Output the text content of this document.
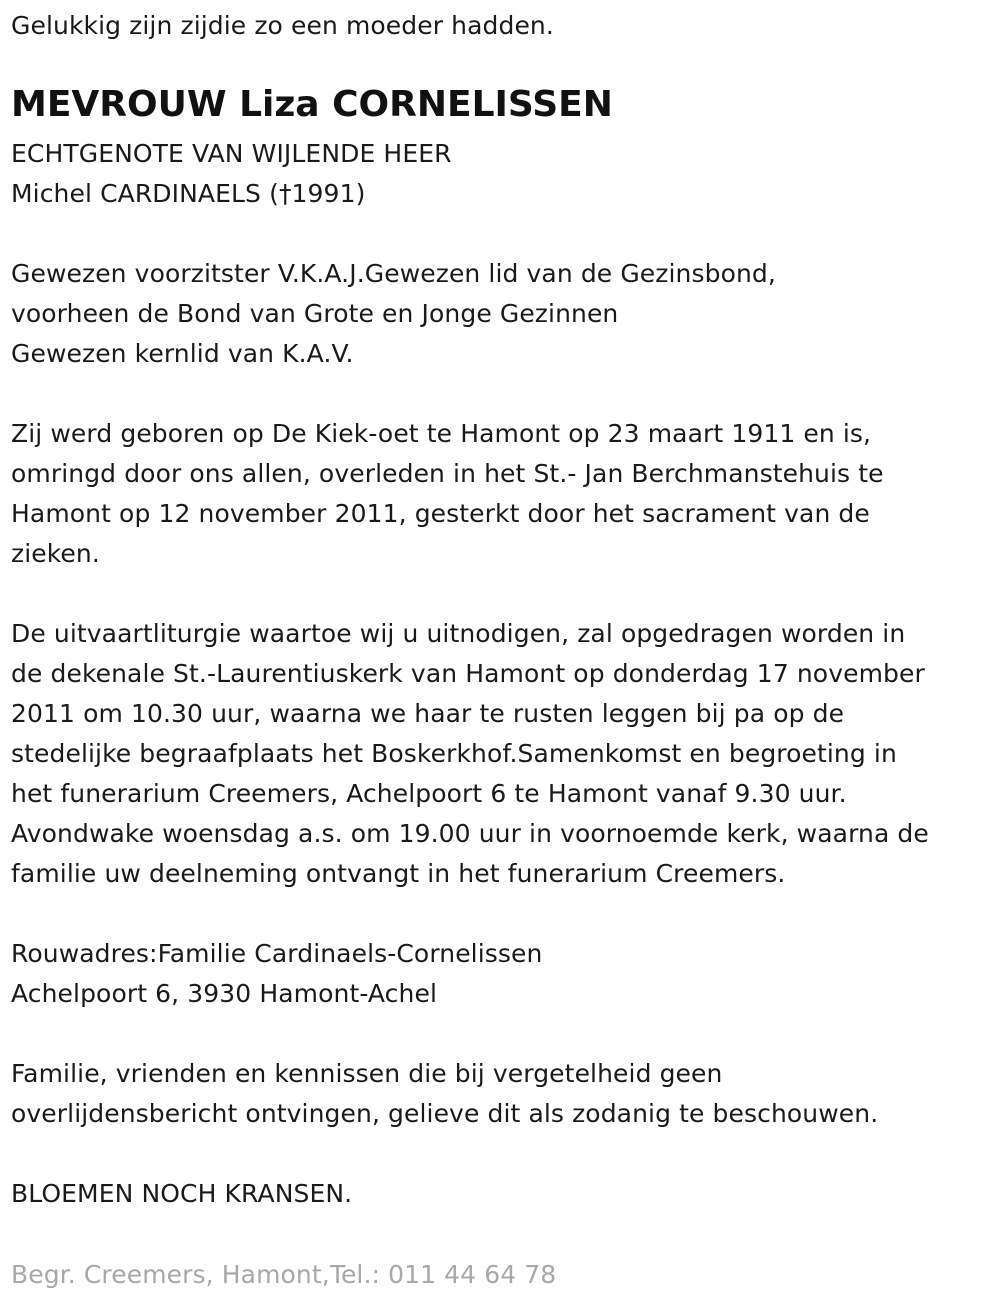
Gelukkig zijn zijdie zo een moeder hadden.
MEVROUW Liza CORNELISSEN
ECHTGENOTE VAN WIJLENDE HEER
Michel CARDINAELS (†1991)
Gewezen voorzitster V.K.A.J.Gewezen lid van de Gezinsbond,
voorheen de Bond van Grote en Jonge Gezinnen
Gewezen kernlid van K.A.V.
Zij werd geboren op De Kiek-oet te Hamont op 23 maart 1911 en is,
omringd door ons allen, overleden in het St.- Jan Berchmanstehuis te
Hamont op 12 november 2011, gesterkt door het sacrament van de
zieken.
De uitvaartliturgie waartoe wij u uitnodigen, zal opgedragen worden in
de dekenale St.-Laurentiuskerk van Hamont op donderdag 17 november
2011 om 10.30 uur, waarna we haar te rusten leggen bij pa op de
stedelijke begraafplaats het Boskerkhof.Samenkomst en begroeting in
het funerarium Creemers, Achelpoort 6 te Hamont vanaf 9.30 uur.
Avondwake woensdag a.s. om 19.00 uur in voornoemde kerk, waarna de
familie uw deelneming ontvangt in het funerarium Creemers.
Rouwadres:Familie Cardinaels-Cornelissen
Achelpoort 6, 3930 Hamont-Achel
Familie, vrienden en kennissen die bij vergetelheid geen
overlijdensbericht ontvingen, gelieve dit als zodanig te beschouwen.
BLOEMEN NOCH KRANSEN.
Begr. Creemers, Hamont,Tel.: 011 44 64 78
